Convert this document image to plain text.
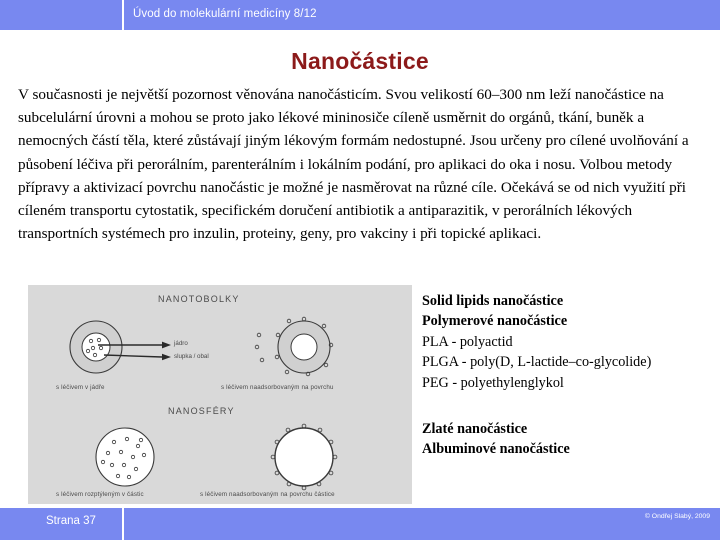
Úvod do molekulární medicíny 8/12
Nanočástice
V současnosti je největší pozornost věnována nanočásticím. Svou velikostí 60–300 nm leží nanočástice na subcelulární úrovni a mohou se proto jako lékové mininosiče cíleně usměrnit do orgánů, tkání, buněk a nemocných částí těla, které zůstávají jiným lékovým formám nedostupné. Jsou určeny pro cílené uvolňování a působení léčiva při perorálním, parenterálním i lokálním podání, pro aplikaci do oka i nosu. Volbou metody přípravy a aktivizací povrchu nanočástic je možné je nasměrovat na různé cíle. Očekává se od nich využití při cíleném transportu cytostatik, specifickém doručení antibiotik a antiparazitik, v perorálních lékových transportních systémech pro inzulin, proteiny, geny, pro vakciny i při topické aplikaci.
NANOTOBOLKY
NANOSFÉRY
jádro
slupka / obal
s léčivem v jádře	s léčivem naadsorbovaným na povrchu
s léčivem rozptýleným v částic	s léčivem naadsorbovaným na povrchu částice
Solid lipids nanočástice
Polymerové nanočástice
PLA - polyactid
PLGA - poly(D, L-lactide–co-glycolide)
PEG - polyethylenglykol
Zlaté nanočástice
Albuminové nanočástice
Strana 37	© Ondřej Slabý, 2009
